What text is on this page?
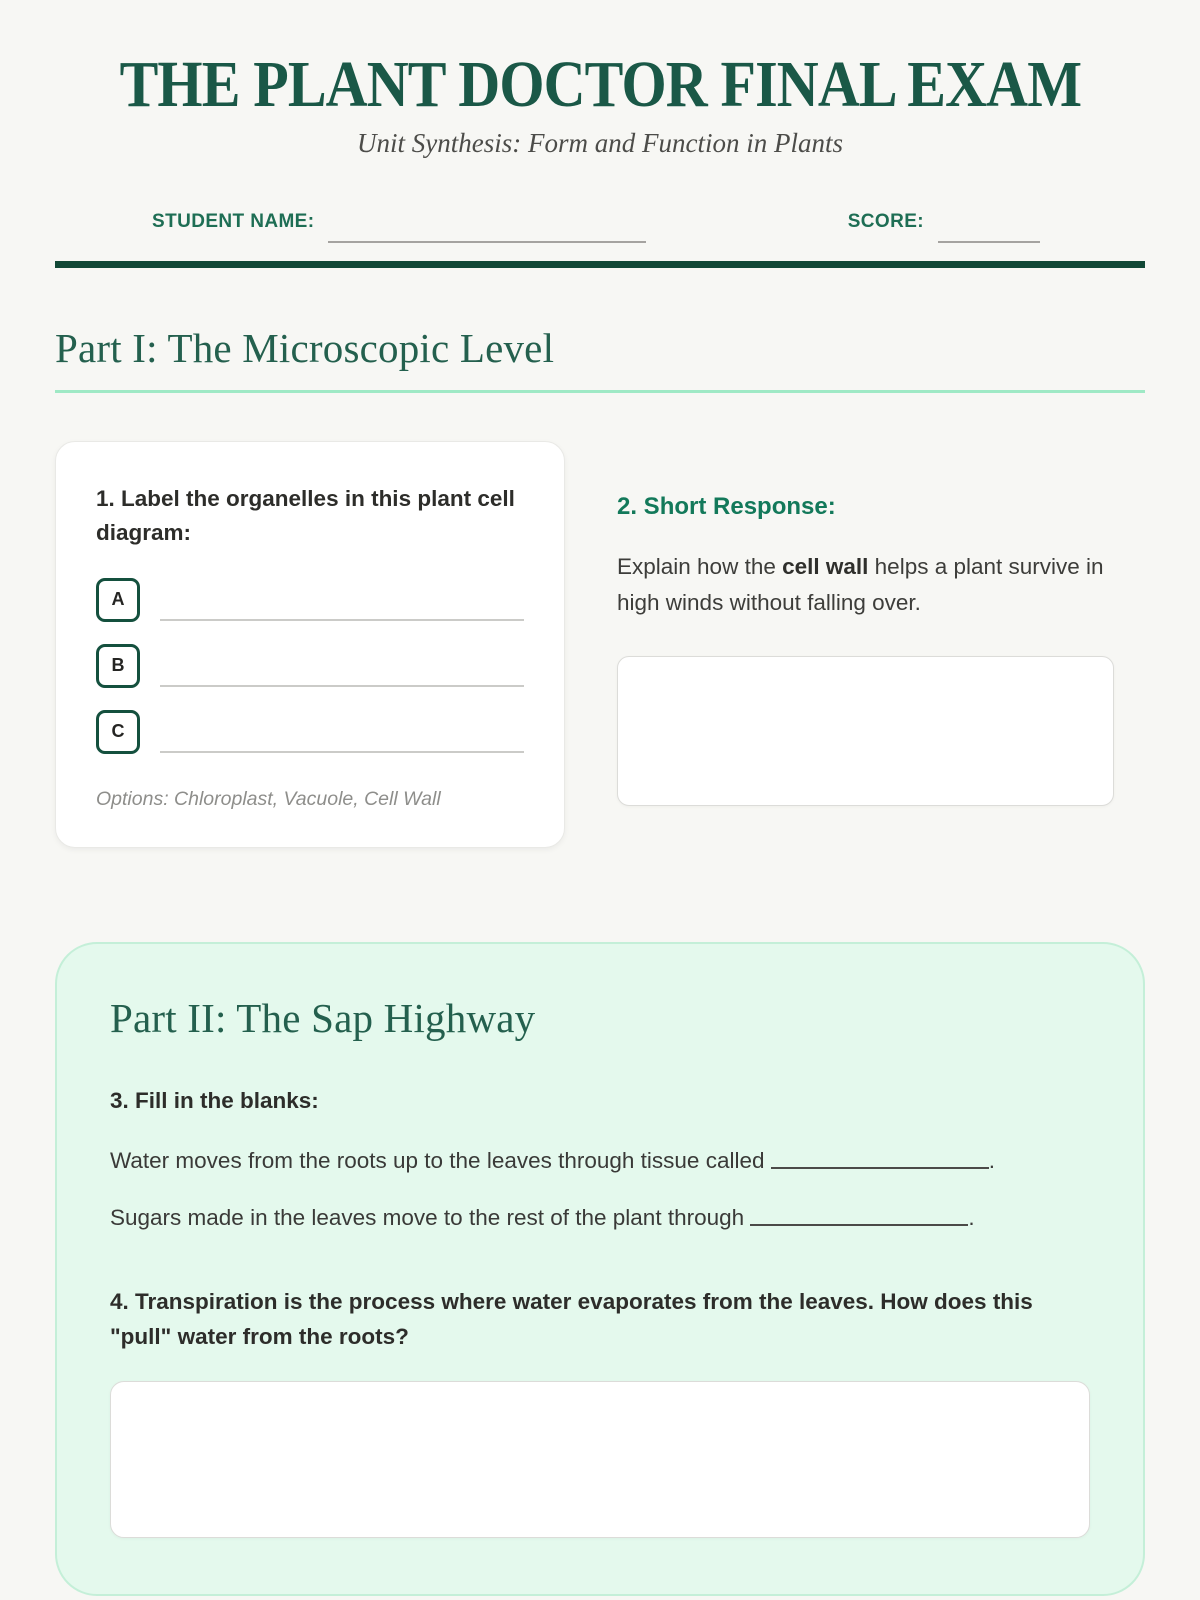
THE PLANT DOCTOR FINAL EXAM
Unit Synthesis: Form and Function in Plants
STUDENT NAME:	SCORE:
Part I: The Microscopic Level
1. Label the organelles in this plant cell diagram:
A
B
C
Options: Chloroplast, Vacuole, Cell Wall
2. Short Response:
Explain how the cell wall helps a plant survive in high winds without falling over.
Part II: The Sap Highway
3. Fill in the blanks:
Water moves from the roots up to the leaves through tissue called	.
Sugars made in the leaves move to the rest of the plant through	.
4. Transpiration is the process where water evaporates from the leaves. How does this "pull" water from the roots?
